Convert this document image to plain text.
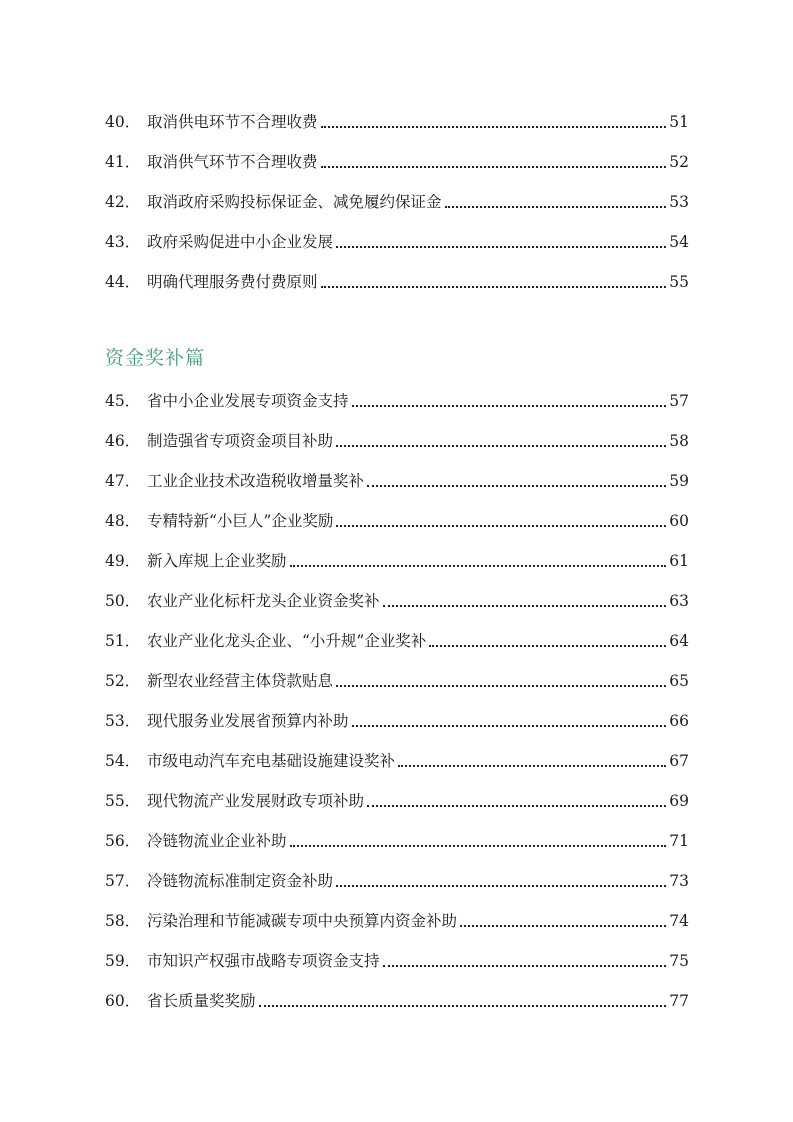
40． 取消供电环节不合理收费	51
41． 取消供气环节不合理收费	52
42． 取消政府采购投标保证金、减免履约保证金	53
43． 政府采购促进中小企业发展	54
44． 明确代理服务费付费原则	55
资金奖补篇
45． 省中小企业发展专项资金支持	57
46． 制造强省专项资金项目补助	58
47． 工业企业技术改造税收增量奖补	59
48． 专精特新“小巨人”企业奖励	60
49． 新入库规上企业奖励	61
50． 农业产业化标杆龙头企业资金奖补	63
51． 农业产业化龙头企业、“小升规”企业奖补	64
52． 新型农业经营主体贷款贴息	65
53． 现代服务业发展省预算内补助	66
54． 市级电动汽车充电基础设施建设奖补	67
55． 现代物流产业发展财政专项补助	69
56． 冷链物流业企业补助	71
57． 冷链物流标准制定资金补助	73
58． 污染治理和节能减碳专项中央预算内资金补助	74
59． 市知识产权强市战略专项资金支持	75
60． 省长质量奖奖励	77
